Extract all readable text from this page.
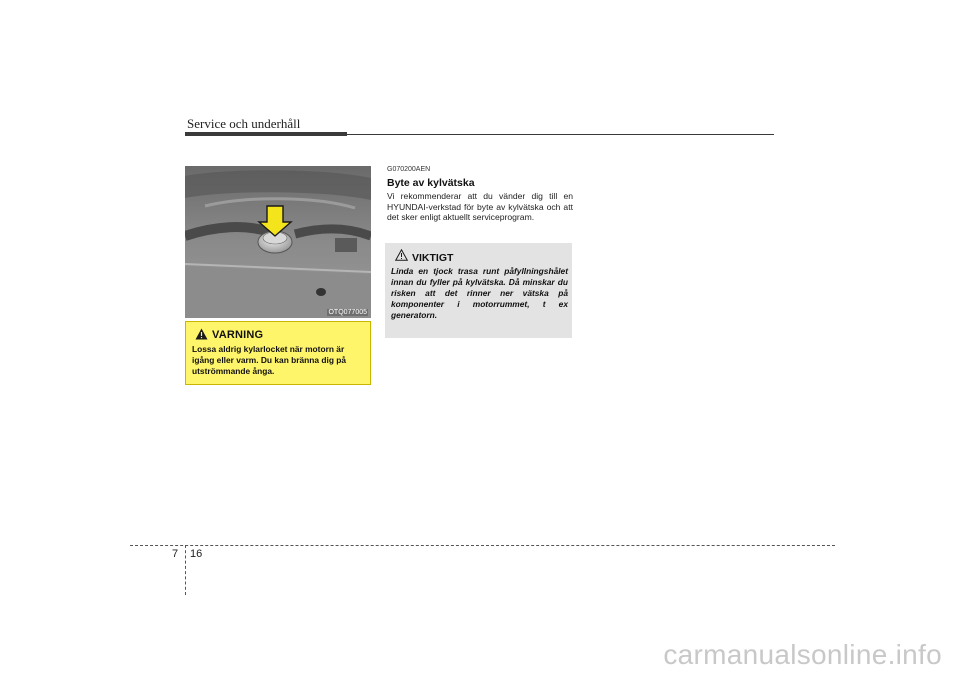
Service och underhåll
OTQ077005
VARNING
Lossa aldrig kylarlocket när motorn är igång eller varm. Du kan bränna dig på utströmmande ånga.
G070200AEN
Byte av kylvätska
Vi rekommenderar att du vänder dig till en HYUNDAI-verkstad för byte av kylvätska och att det sker enligt aktuellt serviceprogram.
VIKTIGT
Linda en tjock trasa runt påfyllningshålet innan du fyller på kylvätska. Då minskar du risken att det rinner ner vätska på komponenter i motorrummet, t ex generatorn.
7 16
carmanualsonline.info
